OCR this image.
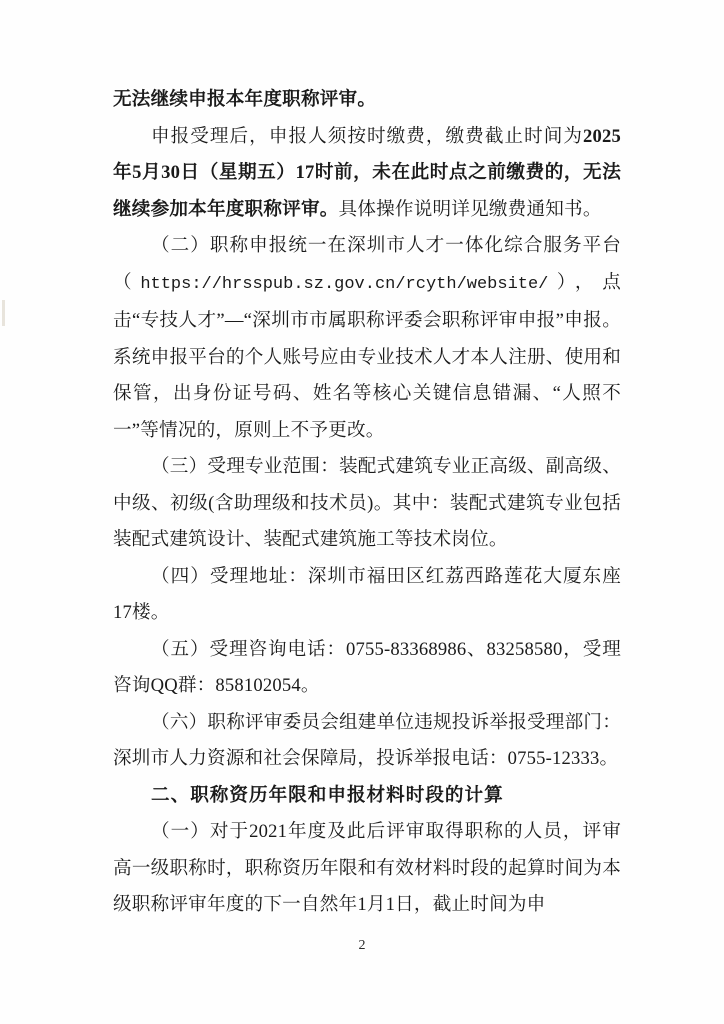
无法继续申报本年度职称评审。

申报受理后，申报人须按时缴费，缴费截止时间为2025年5月30日（星期五）17时前，未在此时点之前缴费的，无法继续参加本年度职称评审。具体操作说明详见缴费通知书。

（二）职称申报统一在深圳市人才一体化综合服务平台（https://hrsspub.sz.gov.cn/rcyth/website/），点击“专技人才”—“深圳市市属职称评委会职称评审申报”申报。系统申报平台的个人账号应由专业技术人才本人注册、使用和保管，出身份证号码、姓名等核心关键信息错漏、“人照不一”等情况的，原则上不予更改。

（三）受理专业范围：装配式建筑专业正高级、副高级、中级、初级(含助理级和技术员)。其中：装配式建筑专业包括装配式建筑设计、装配式建筑施工等技术岗位。

（四）受理地址：深圳市福田区红荔西路莲花大厦东座17楼。

（五）受理咨询电话：0755-83368986、83258580，受理咨询QQ群：858102054。

（六）职称评审委员会组建单位违规投诉举报受理部门：深圳市人力资源和社会保障局，投诉举报电话：0755-12333。

二、职称资历年限和申报材料时段的计算

（一）对于2021年度及此后评审取得职称的人员，评审高一级职称时，职称资历年限和有效材料时段的起算时间为本级职称评审年度的下一自然年1月1日，截止时间为申

2
